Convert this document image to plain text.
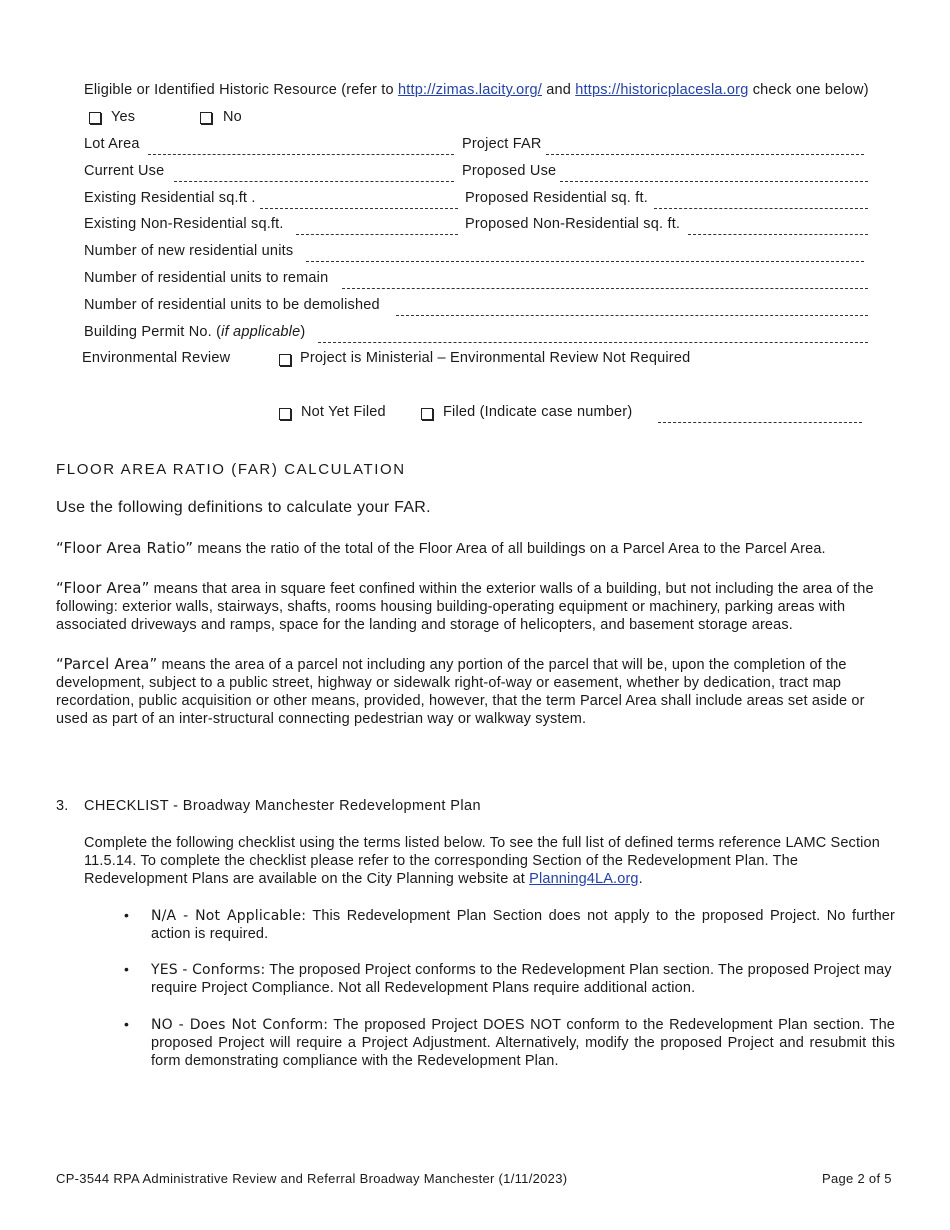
Eligible or Identified Historic Resource (refer to http://zimas.lacity.org/ and https://historicplacesla.org check one below)
Yes	No
Lot Area	Project FAR
Current Use	Proposed Use
Existing Residential sq.ft .	Proposed Residential sq. ft.
Existing Non-Residential sq.ft.	Proposed Non-Residential sq. ft.
Number of new residential units
Number of residential units to remain
Number of residential units to be demolished
Building Permit No. (if applicable)
Environmental Review	Project is Ministerial – Environmental Review Not Required
Not Yet Filed	Filed (Indicate case number)
FLOOR AREA RATIO (FAR) CALCULATION
Use the following definitions to calculate your FAR.
“Floor Area Ratio” means the ratio of the total of the Floor Area of all buildings on a Parcel Area to the Parcel Area.
“Floor Area” means that area in square feet confined within the exterior walls of a building, but not including the area of the following: exterior walls, stairways, shafts, rooms housing building-operating equipment or machinery, parking areas with associated driveways and ramps, space for the landing and storage of helicopters, and basement storage areas.
“Parcel Area” means the area of a parcel not including any portion of the parcel that will be, upon the completion of the development, subject to a public street, highway or sidewalk right-of-way or easement, whether by dedication, tract map recordation, public acquisition or other means, provided, however, that the term Parcel Area shall include areas set aside or used as part of an inter-structural connecting pedestrian way or walkway system.
3. CHECKLIST - Broadway Manchester Redevelopment Plan
Complete the following checklist using the terms listed below. To see the full list of defined terms reference LAMC Section 11.5.14. To complete the checklist please refer to the corresponding Section of the Redevelopment Plan. The Redevelopment Plans are available on the City Planning website at Planning4LA.org.
• N/A - Not Applicable: This Redevelopment Plan Section does not apply to the proposed Project. No further action is required.
• YES - Conforms: The proposed Project conforms to the Redevelopment Plan section. The proposed Project may require Project Compliance. Not all Redevelopment Plans require additional action.
• NO - Does Not Conform: The proposed Project DOES NOT conform to the Redevelopment Plan section. The proposed Project will require a Project Adjustment. Alternatively, modify the proposed Project and resubmit this form demonstrating compliance with the Redevelopment Plan.
CP-3544 RPA Administrative Review and Referral Broadway Manchester (1/11/2023)	Page 2 of 5
